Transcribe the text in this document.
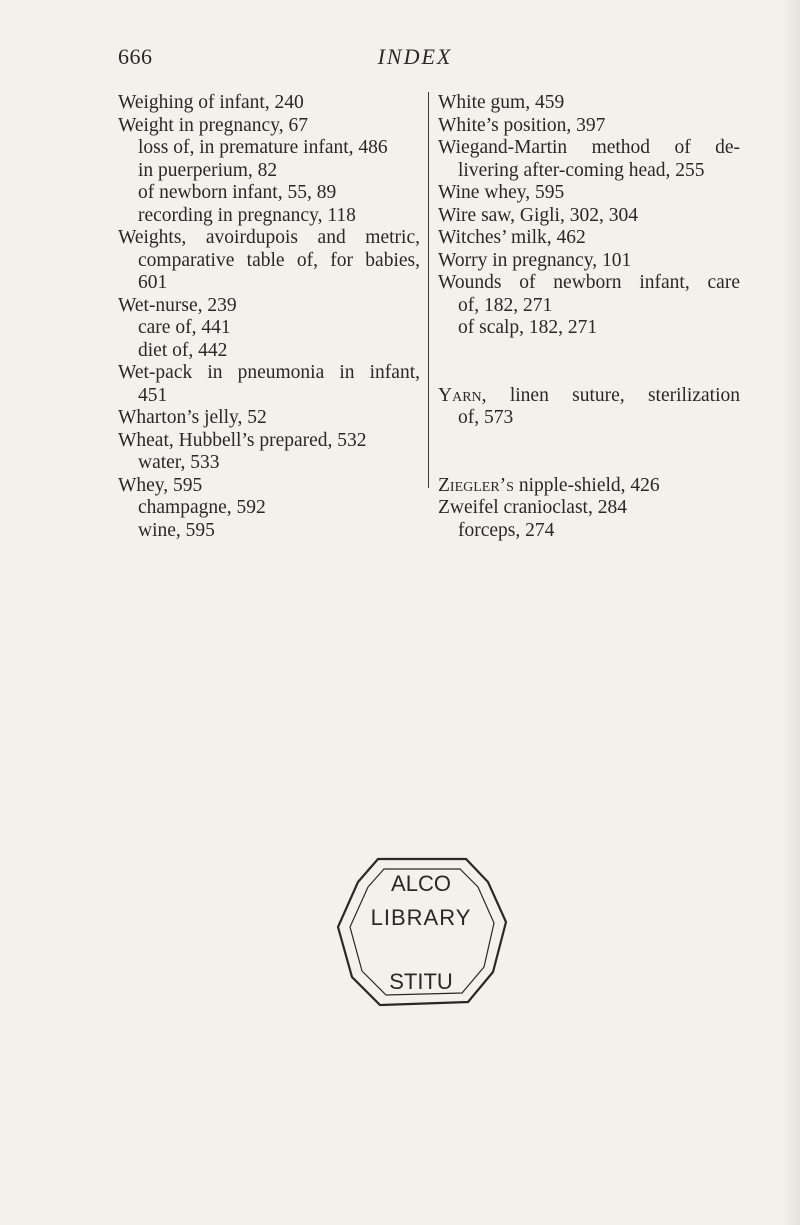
666	INDEX
Weighing of infant, 240
Weight in pregnancy, 67
loss of, in premature infant, 486
in puerperium, 82
of newborn infant, 55, 89
recording in pregnancy, 118
Weights, avoirdupois and metric,
comparative table of, for babies,
601
Wet-nurse, 239
care of, 441
diet of, 442
Wet-pack in pneumonia in infant,
451
Wharton’s jelly, 52
Wheat, Hubbell’s prepared, 532
water, 533
Whey, 595
champagne, 592
wine, 595
White gum, 459
White’s position, 397
Wiegand-Martin method of de-
livering after-coming head, 255
Wine whey, 595
Wire saw, Gigli, 302, 304
Witches’ milk, 462
Worry in pregnancy, 101
Wounds of newborn infant, care
of, 182, 271
of scalp, 182, 271
Yarn, linen suture, sterilization
of, 573
Ziegler’s nipple-shield, 426
Zweifel cranioclast, 284
forceps, 274
ALCO
STITU
LIBRARY
